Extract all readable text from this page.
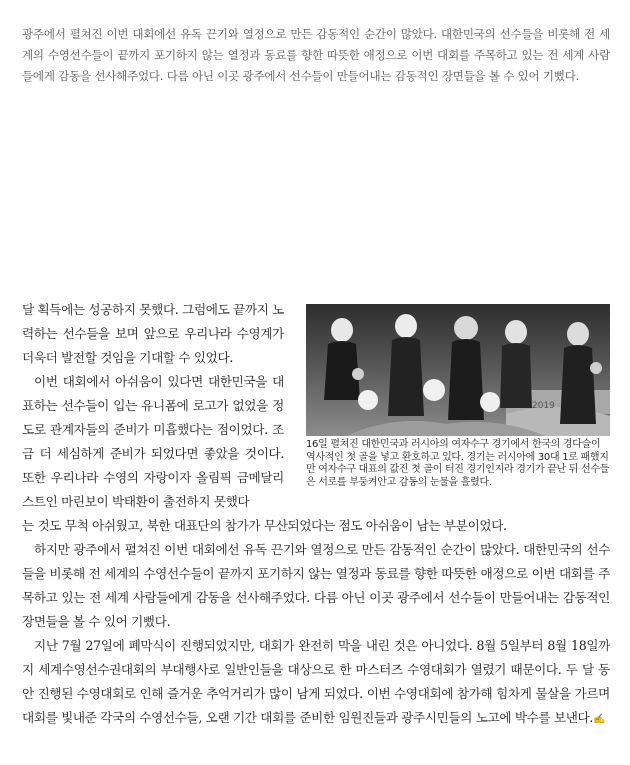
광주에서 펼쳐진 이번 대회에선 유독 끈기와 열정으로 만든 감동적인 순간이 많았다. 대한민국의 선수들을 비롯해 전 세계의 수영선수들이 끝까지 포기하지 않는 열정과 동료를 향한 따뜻한 애정으로 이번 대회를 주목하고 있는 전 세계 사람들에게 감동을 선사해주었다. 다름 아닌 이곳 광주에서 선수들이 만들어내는 감동적인 장면들을 볼 수 있어 기뻤다.

달 획득에는 성공하지 못했다. 그럼에도 끝까지 노력하는 선수들을 보며 앞으로 우리나라 수영계가 더욱더 발전할 것임을 기대할 수 있었다.

이번 대회에서 아쉬움이 있다면 대한민국을 대표하는 선수들이 입는 유니폼에 로고가 없었을 정도로 관계자들의 준비가 미흡했다는 점이었다. 조금 더 세심하게 준비가 되었다면 좋았을 것이다. 또한 우리나라 수영의 자랑이자 올림픽 금메달리스트인 마린보이 박태환이 출전하지 못했다

2019
16일 펼쳐진 대한민국과 러시아의 여자수구 경기에서 한국의 경다슬이 역사적인 첫 골을 넣고 환호하고 있다. 경기는 러시아에 30대 1로 패했지만 여자수구 대표의 값진 첫 골이 터진 경기인지라 경기가 끝난 뒤 선수들은 서로를 부둥켜안고 감동의 눈물을 흘렸다.

는 것도 무척 아쉬웠고, 북한 대표단의 참가가 무산되었다는 점도 아쉬움이 남는 부분이었다.

하지만 광주에서 펼쳐진 이번 대회에선 유독 끈기와 열정으로 만든 감동적인 순간이 많았다. 대한민국의 선수들을 비롯해 전 세계의 수영선수들이 끝까지 포기하지 않는 열정과 동료를 향한 따뜻한 애정으로 이번 대회를 주목하고 있는 전 세계 사람들에게 감동을 선사해주었다. 다름 아닌 이곳 광주에서 선수들이 만들어내는 감동적인 장면들을 볼 수 있어 기뻤다.

지난 7월 27일에 폐막식이 진행되었지만, 대회가 완전히 막을 내린 것은 아니었다. 8월 5일부터 8월 18일까지 세계수영선수권대회의 부대행사로 일반인들을 대상으로 한 마스터즈 수영대회가 열렸기 때문이다. 두 달 동안 진행된 수영대회로 인해 즐거운 추억거리가 많이 남게 되었다. 이번 수영대회에 참가해 힘차게 물살을 가르며 대회를 빛내준 각국의 수영선수들, 오랜 기간 대회를 준비한 임원진들과 광주시민들의 노고에 박수를 보낸다.✍
